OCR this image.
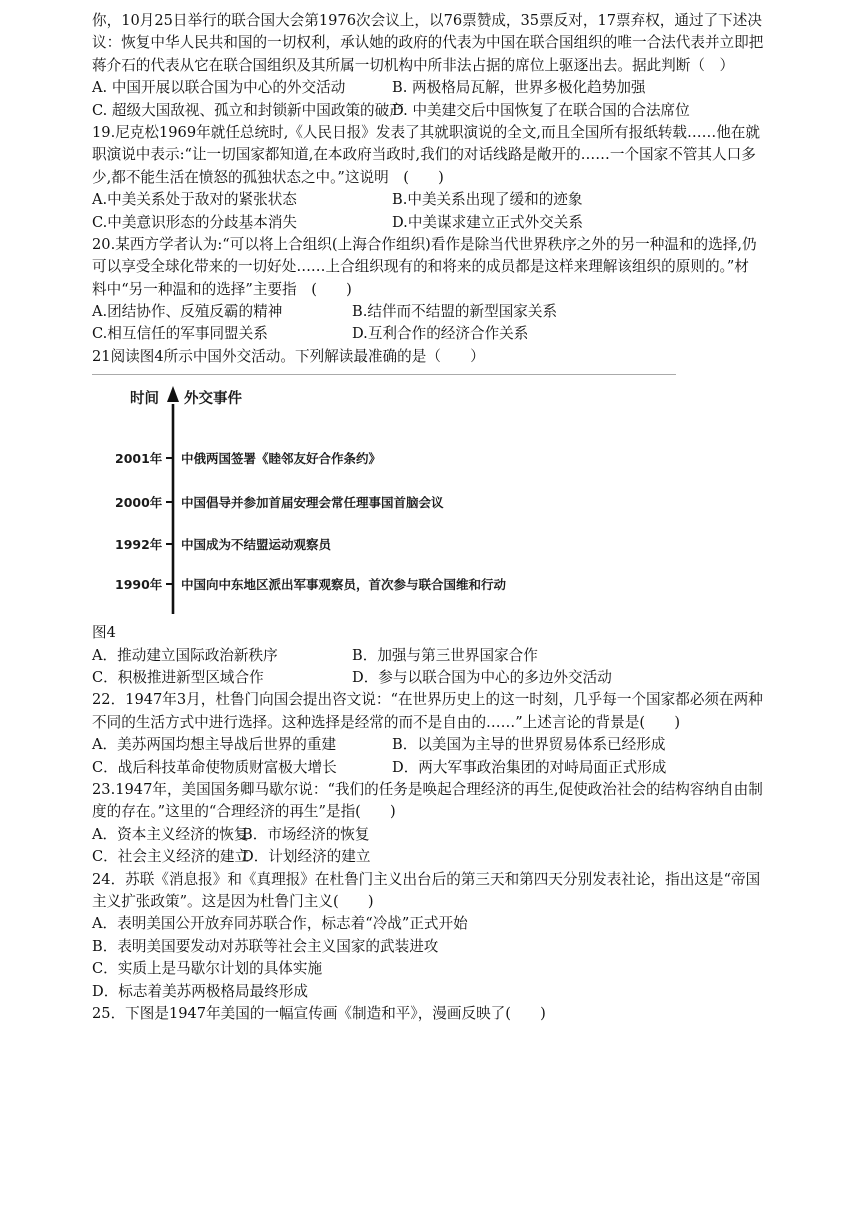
你，10月25日举行的联合国大会第1976次会议上，以76票赞成，35票反对，17票弃权，通过了下述决
议：恢复中华人民共和国的一切权利，承认她的政府的代表为中国在联合国组织的唯一合法代表并立即把
蒋介石的代表从它在联合国组织及其所属一切机构中所非法占据的席位上驱逐出去。据此判断（　）
A. 中国开展以联合国为中心的外交活动	B. 两极格局瓦解，世界多极化趋势加强
C. 超级大国敌视、孤立和封锁新中国政策的破产
D. 中美建交后中国恢复了在联合国的合法席位
19.尼克松1969年就任总统时,《人民日报》发表了其就职演说的全文,而且全国所有报纸转载……他在就
职演说中表示:“让一切国家都知道,在本政府当政时,我们的对话线路是敞开的……一个国家不管其人口多
少,都不能生活在愤怒的孤独状态之中。”这说明　(　　)
A.中美关系处于敌对的紧张状态	B.中美关系出现了缓和的迹象
C.中美意识形态的分歧基本消失	D.中美谋求建立正式外交关系
20.某西方学者认为:“可以将上合组织(上海合作组织)看作是除当代世界秩序之外的另一种温和的选择,仍
可以享受全球化带来的一切好处……上合组织现有的和将来的成员都是这样来理解该组织的原则的。”材
料中“另一种温和的选择”主要指　(　　)
A.团结协作、反殖反霸的精神	B.结伴而不结盟的新型国家关系
C.相互信任的军事同盟关系	D.互利合作的经济合作关系
21阅读图4所示中国外交活动。下列解读最准确的是（　　）
时间 外交事件
2001年 中俄两国签署《睦邻友好合作条约》
2000年 中国倡导并参加首届安理会常任理事国首脑会议
1992年 中国成为不结盟运动观察员
1990年 中国向中东地区派出军事观察员，首次参与联合国维和行动
图4
A．推动建立国际政治新秩序	B．加强与第三世界国家合作
C．积极推进新型区域合作	D．参与以联合国为中心的多边外交活动
22．1947年3月，杜鲁门向国会提出咨文说：“在世界历史上的这一时刻，几乎每一个国家都必须在两种
不同的生活方式中进行选择。这种选择是经常的而不是自由的……”上述言论的背景是(　　)
A．美苏两国均想主导战后世界的重建	B．以美国为主导的世界贸易体系已经形成
C．战后科技革命使物质财富极大增长	D．两大军事政治集团的对峙局面正式形成
23.1947年，美国国务卿马歇尔说：“我们的任务是唤起合理经济的再生,促使政治社会的结构容纳自由制
度的存在。”这里的“合理经济的再生”是指(　　)
A．资本主义经济的恢复
B．市场经济的恢复
C．社会主义经济的建立
D．计划经济的建立
24．苏联《消息报》和《真理报》在杜鲁门主义出台后的第三天和第四天分别发表社论，指出这是“帝国
主义扩张政策”。这是因为杜鲁门主义(　　)
A．表明美国公开放弃同苏联合作，标志着“冷战”正式开始
B．表明美国要发动对苏联等社会主义国家的武装进攻
C．实质上是马歇尔计划的具体实施
D．标志着美苏两极格局最终形成
25．下图是1947年美国的一幅宣传画《制造和平》，漫画反映了(　　)
